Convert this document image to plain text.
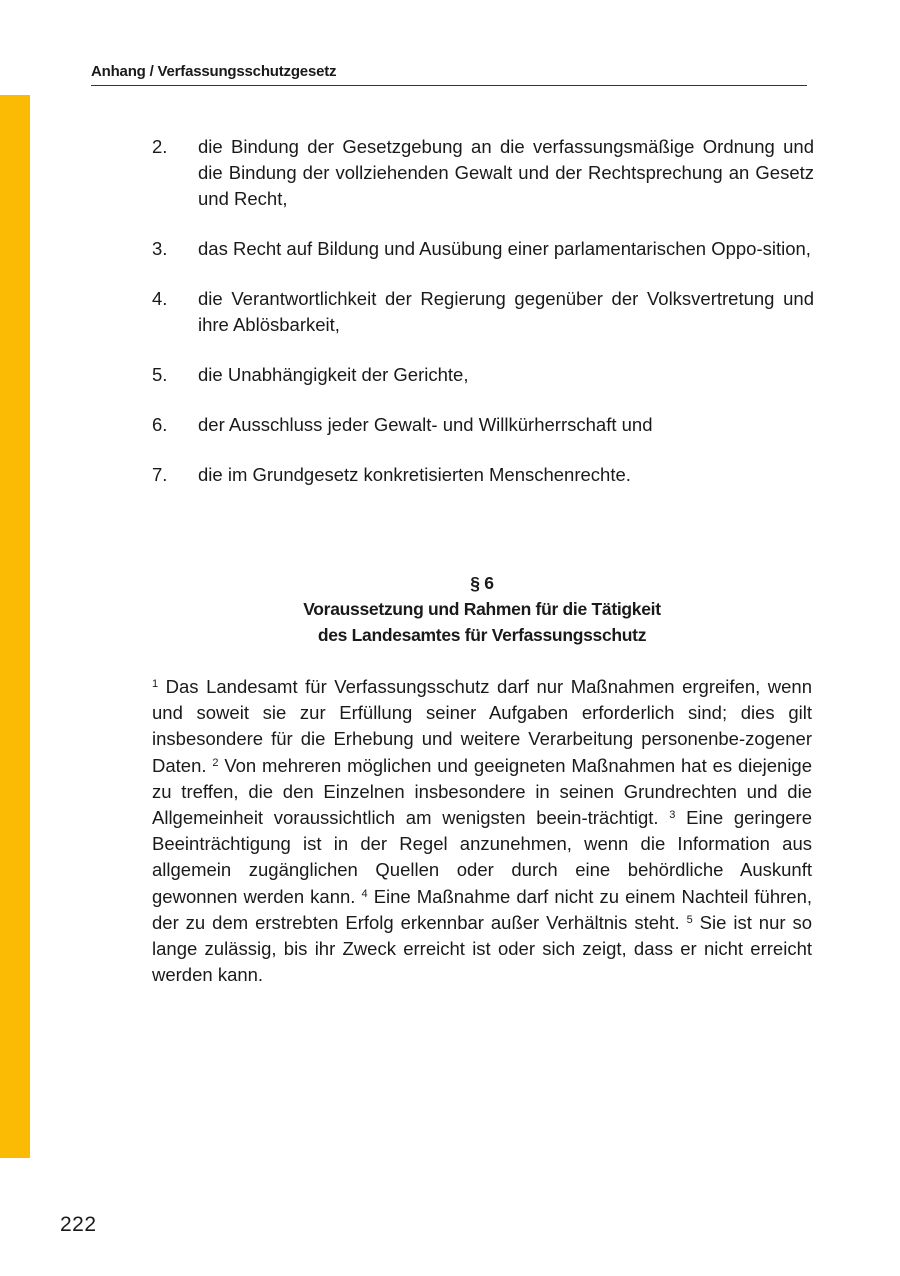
Anhang / Verfassungsschutzgesetz
2. die Bindung der Gesetzgebung an die verfassungsmäßige Ordnung und die Bindung der vollziehenden Gewalt und der Rechtsprechung an Gesetz und Recht,
3. das Recht auf Bildung und Ausübung einer parlamentarischen Oppo-sition,
4. die Verantwortlichkeit der Regierung gegenüber der Volksvertretung und ihre Ablösbarkeit,
5. die Unabhängigkeit der Gerichte,
6. der Ausschluss jeder Gewalt- und Willkürherrschaft und
7. die im Grundgesetz konkretisierten Menschenrechte.
§ 6
Voraussetzung und Rahmen für die Tätigkeit
des Landesamtes für Verfassungsschutz

$^1$ Das Landesamt für Verfassungsschutz darf nur Maßnahmen ergreifen, wenn und soweit sie zur Erfüllung seiner Aufgaben erforderlich sind; dies gilt insbesondere für die Erhebung und weitere Verarbeitung personenbe-zogener Daten. $^2$ Von mehreren möglichen und geeigneten Maßnahmen hat es diejenige zu treffen, die den Einzelnen insbesondere in seinen Grundrechten und die Allgemeinheit voraussichtlich am wenigsten beein-trächtigt. $^3$ Eine geringere Beeinträchtigung ist in der Regel anzunehmen, wenn die Information aus allgemein zugänglichen Quellen oder durch eine behördliche Auskunft gewonnen werden kann. $^4$ Eine Maßnahme darf nicht zu einem Nachteil führen, der zu dem erstrebten Erfolg erkennbar außer Verhältnis steht. $^5$ Sie ist nur so lange zulässig, bis ihr Zweck erreicht ist oder sich zeigt, dass er nicht erreicht werden kann.

222
